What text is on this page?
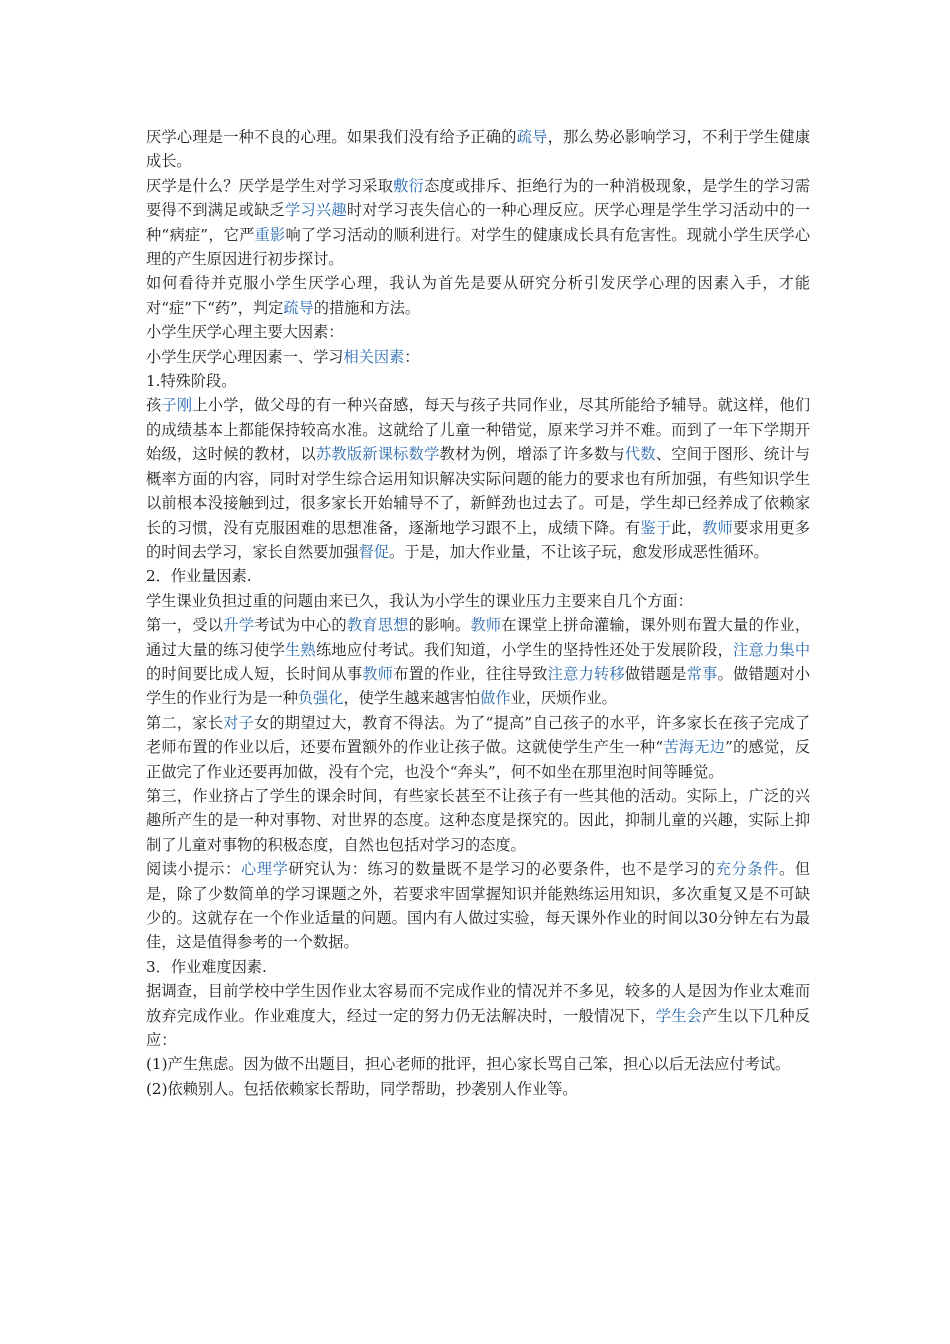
厌学心理是一种不良的心理。如果我们没有给予正确的疏导，那么势必影响学习，不利于学生健康成长。

厌学是什么？厌学是学生对学习采取敷衍态度或排斥、拒绝行为的一种消极现象，是学生的学习需要得不到满足或缺乏学习兴趣时对学习丧失信心的一种心理反应。厌学心理是学生学习活动中的一种“病症”，它严重影响了学习活动的顺利进行。对学生的健康成长具有危害性。现就小学生厌学心理的产生原因进行初步探讨。

如何看待并克服小学生厌学心理，我认为首先是要从研究分析引发厌学心理的因素入手，才能对“症”下“药”，判定疏导的措施和方法。

小学生厌学心理主要大因素：

小学生厌学心理因素一、学习相关因素：

1.特殊阶段。

孩子刚上小学，做父母的有一种兴奋感，每天与孩子共同作业，尽其所能给予辅导。就这样，他们的成绩基本上都能保持较高水准。这就给了儿童一种错觉，原来学习并不难。而到了一年下学期开始级，这时候的教材，以苏教版新课标数学教材为例，增添了许多数与代数、空间于图形、统计与概率方面的内容，同时对学生综合运用知识解决实际问题的能力的要求也有所加强，有些知识学生以前根本没接触到过，很多家长开始辅导不了，新鲜劲也过去了。可是，学生却已经养成了依赖家长的习惯，没有克服困难的思想准备，逐渐地学习跟不上，成绩下降。有鉴于此，教师要求用更多的时间去学习，家长自然要加强督促。于是，加大作业量，不让该子玩，愈发形成恶性循环。

2．作业量因素.

学生课业负担过重的问题由来已久，我认为小学生的课业压力主要来自几个方面：

第一，受以升学考试为中心的教育思想的影响。教师在课堂上拼命灌输，课外则布置大量的作业，通过大量的练习使学生熟练地应付考试。我们知道，小学生的坚持性还处于发展阶段，注意力集中的时间要比成人短，长时间从事教师布置的作业，往往导致注意力转移做错题是常事。做错题对小学生的作业行为是一种负强化，使学生越来越害怕做作业，厌烦作业。

第二，家长对子女的期望过大，教育不得法。为了“提高”自己孩子的水平，许多家长在孩子完成了老师布置的作业以后，还要布置额外的作业让孩子做。这就使学生产生一种“苦海无边”的感觉，反正做完了作业还要再加做，没有个完，也没个“奔头”，何不如坐在那里泡时间等睡觉。

第三，作业挤占了学生的课余时间，有些家长甚至不让孩子有一些其他的活动。实际上，广泛的兴趣所产生的是一种对事物、对世界的态度。这种态度是探究的。因此，抑制儿童的兴趣，实际上抑制了儿童对事物的积极态度，自然也包括对学习的态度。

阅读小提示：心理学研究认为：练习的数量既不是学习的必要条件，也不是学习的充分条件。但是，除了少数简单的学习课题之外，若要求牢固掌握知识并能熟练运用知识，多次重复又是不可缺少的。这就存在一个作业适量的问题。国内有人做过实验，每天课外作业的时间以30分钟左右为最佳，这是值得参考的一个数据。

3．作业难度因素.

据调查，目前学校中学生因作业太容易而不完成作业的情况并不多见，较多的人是因为作业太难而放弃完成作业。作业难度大，经过一定的努力仍无法解决时，一般情况下，学生会产生以下几种反应：

(1)产生焦虑。因为做不出题目，担心老师的批评，担心家长骂自己笨，担心以后无法应付考试。

(2)依赖别人。包括依赖家长帮助，同学帮助，抄袭别人作业等。
